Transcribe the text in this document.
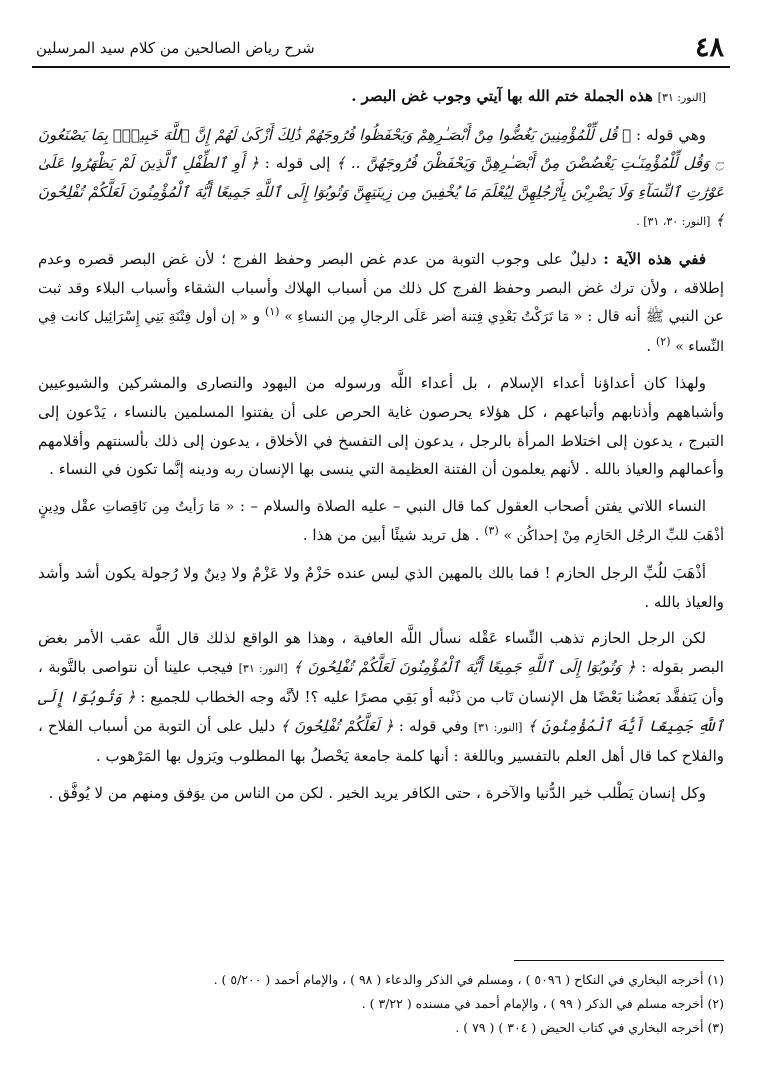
٤٨
شرح رياض الصالحين من كلام سيد المرسلين

[النور: ٣١] هذه الجملة ختم الله بها آيتي وجوب غض البصر .

وهي قوله : ﴿ قُل لِّلْمُؤْمِنِينَ يَغُضُّوا مِنْ أَبْصَـٰرِهِمْ وَيَحْفَظُوا فُرُوجَهُمْ ذَٰلِكَ أَزْكَىٰ لَهُمْ إِنَّ ٱللَّهَ خَبِيرٌۢ بِمَا يَصْنَعُونَ ۝ وَقُل لِّلْمُؤْمِنَـٰتِ يَغْضُضْنَ مِنْ أَبْصَـٰرِهِنَّ وَيَحْفَظْنَ فُرُوجَهُنَّ .. ﴾ إلى قوله : ﴿ أَوِ ٱلطِّفْلِ ٱلَّذِينَ لَمْ يَظْهَرُوا عَلَىٰ عَوْرَٰتِ ٱلنِّسَآءِ وَلَا يَضْرِبْنَ بِأَرْجُلِهِنَّ لِيُعْلَمَ مَا يُخْفِينَ مِن زِينَتِهِنَّ وَتُوبُوٓا إِلَى ٱللَّهِ جَمِيعًا أَيُّهَ ٱلْمُؤْمِنُونَ لَعَلَّكُمْ تُفْلِحُونَ ﴾ [النور: ٣٠، ٣١] .

ففي هذه الآية : دليلٌ على وجوب التوبة من عدم غض البصر وحفظ الفرج ؛ لأن غض البصر قصره وعدم إطلاقه ، ولأن ترك غض البصر وحفظ الفرج كل ذلك من أسباب الهلاك وأسباب الشقاء وأسباب البلاء وقد ثبت عن النبي ﷺ أنه قال : « مَا تَرَكْتُ بَعْدِي فِتنة أضر عَلَى الرجالِ مِن النساءِ » $^{(١)}$ و « إن أول فِتْنَةِ بَنِي إِسْرَائِيل كانت فِي النِّساء » $^{(٢)}$ .

ولهذا كان أعداؤنا أعداء الإسلام ، بل أعداء اللَّه ورسوله من اليهود والنصارى والمشركين والشيوعيين وأشباههم وأذنابهم وأتباعهم ، كل هؤلاء يحرصون غاية الحرص على أن يفتنوا المسلمين بالنساء ، يَدْعون إلى التبرج ، يدعون إلى اختلاط المرأة بالرجل ، يدعون إلى التفسخ في الأخلاق ، يدعون إلى ذلك بألسنتهم وأقلامهم وأعمالهم والعياذ بالله . لأنهم يعلمون أن الفتنة العظيمة التي ينسى بها الإنسان ربه ودينه إنَّما تكون في النساء .

النساء اللاتي يفتن أصحاب العقول كما قال النبي – عليه الصلاة والسلام – : « مَا رَأيتُ مِن نَاقِصاتِ عقْل ودِينٍ أذْهَبَ للبِّ الرجُل الحَازِم مِنْ إحداكُن » $^{(٣)}$ . هل تريد شيئًا أبين من هذا .

أذْهَبَ للُبِّ الرجل الحازم ! فما بالك بالمهين الذي ليس عنده حَزْمٌ ولا عَزْمٌ ولا دِينٌ ولا رُجولة يكون أشد وأشد والعياذ بالله .

لكن الرجل الحازم تذهب النِّساء عَقْله نسأل اللَّه العافية ، وهذا هو الواقع لذلك قال اللَّه عقب الأمر بغض البصر بقوله : ﴿ وَتُوبُوٓا إِلَى ٱللَّهِ جَمِيعًا أَيُّهَ ٱلْمُؤْمِنُونَ لَعَلَّكُمْ تُفْلِحُونَ ﴾ [النور: ٣١] فيجب علينا أن نتواصى بالتَّوبة ، وأن يَتفقَّد بَعضُنا بَعْضًا هل الإنسان تَاب من ذَنْبه أو بَقِي مصرًا عليه ؟! لأنَّه وجه الخطاب للجميع : ﴿ وَتُوبُوٓا إِلَى ٱللَّهِ جَمِيعًا أَيُّهَ ٱلْمُؤْمِنُونَ ﴾ [النور: ٣١] وفي قوله : ﴿ لَعَلَّكُمْ تُفْلِحُونَ ﴾ دليل على أن التوبة من أسباب الفلاح ، والفلاح كما قال أهل العلم بالتفسير وباللغة : أنها كلمة جامعة يَحْصلُ بها المطلوب ويَزول بها المَرْهوب .

وكل إنسان يَطْلب خير الدُّنيا والآخرة ، حتى الكافر يريد الخير . لكن من الناس من يوَفق ومنهم من لا يُوفَّق .

(١) أخرجه البخاري في النكاح ( ٥٠٩٦ ) ، ومسلم في الذكر والدعاء ( ٩٨ ) ، والإمام أحمد ( ٥/٢٠٠ ) .
(٢) أخرجه مسلم في الذكر ( ٩٩ ) ، والإمام أحمد في مسنده ( ٣/٢٢ ) .
(٣) أخرجه البخاري في كتاب الحيض ( ٣٠٤ ) ( ٧٩ ) .
